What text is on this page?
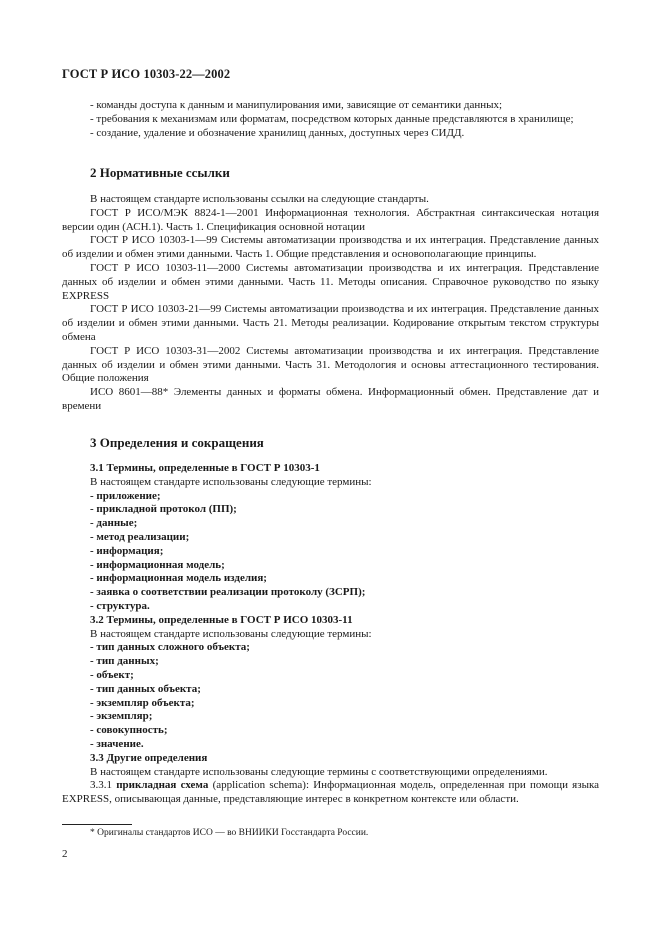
ГОСТ Р ИСО 10303-22—2002

- команды доступа к данным и манипулирования ими, зависящие от семантики данных;

- требования к механизмам или форматам, посредством которых данные представляются в хранилище;

- создание, удаление и обозначение хранилищ данных, доступных через СИДД.

2 Нормативные ссылки

В настоящем стандарте использованы ссылки на следующие стандарты.

ГОСТ Р ИСО/МЭК 8824-1—2001 Информационная технология. Абстрактная синтаксическая нотация версии один (АСН.1). Часть 1. Спецификация основной нотации

ГОСТ Р ИСО 10303-1—99 Системы автоматизации производства и их интеграция. Представление данных об изделии и обмен этими данными. Часть 1. Общие представления и основополагающие принципы.

ГОСТ Р ИСО 10303-11—2000 Системы автоматизации производства и их интеграция. Представление данных об изделии и обмен этими данными. Часть 11. Методы описания. Справочное руководство по языку EXPRESS

ГОСТ Р ИСО 10303-21—99 Системы автоматизации производства и их интеграция. Представление данных об изделии и обмен этими данными. Часть 21. Методы реализации. Кодирование открытым текстом структуры обмена

ГОСТ Р ИСО 10303-31—2002 Системы автоматизации производства и их интеграция. Представление данных об изделии и обмен этими данными. Часть 31. Методология и основы аттестационного тестирования. Общие положения

ИСО 8601—88* Элементы данных и форматы обмена. Информационный обмен. Представление дат и времени

3 Определения и сокращения

3.1 Термины, определенные в ГОСТ Р 10303-1

В настоящем стандарте использованы следующие термины:

- приложение;

- прикладной протокол (ПП);

- данные;

- метод реализации;

- информация;

- информационная модель;

- информационная модель изделия;

- заявка о соответствии реализации протоколу (ЗСРП);

- структура.

3.2 Термины, определенные в ГОСТ Р ИСО 10303-11

В настоящем стандарте использованы следующие термины:

- тип данных сложного объекта;

- тип данных;

- объект;

- тип данных объекта;

- экземпляр объекта;

- экземпляр;

- совокупность;

- значение.

3.3 Другие определения

В настоящем стандарте использованы следующие термины с соответствующими определениями.

3.3.1 прикладная схема (application schema): Информационная модель, определенная при помощи языка EXPRESS, описывающая данные, представляющие интерес в конкретном контексте или области.

* Оригиналы стандартов ИСО — во ВНИИКИ Госстандарта России.
2
